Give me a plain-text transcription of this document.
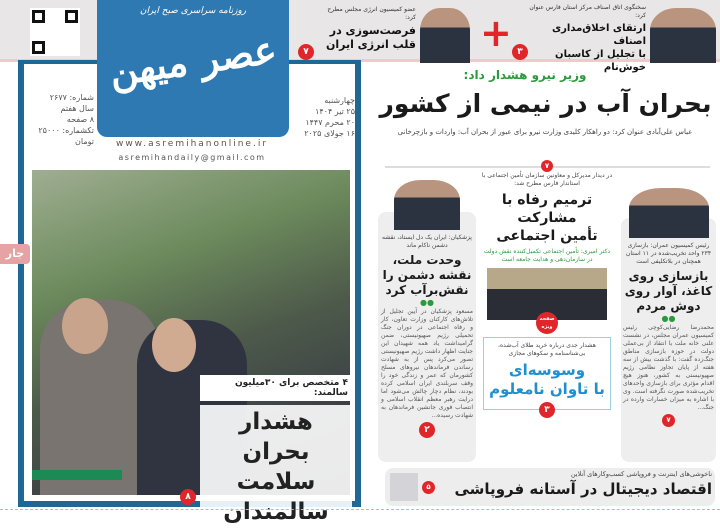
عضو کمیسیون انرژی مجلس مطرح کرد:
فرصت‌سوزی در قلب انرژی ایران
۷	+
سخنگوی اتاق اصناف مرکز استان فارس عنوان کرد:
ارتقای اخلاق‌مداری اصناف
با تجلیل از کاسبان خوش‌نام
۳
روزنامه سراسری صبح ایران
عصر میهن
چهارشنبه
۲۵ تیر ۱۴۰۴
۲۰ محرم ۱۴۴۷
۱۶ جولای ۲۰۲۵
شماره: ۲۶۷۷
سال هفتم
۸ صفحه
تکشماره: ۲۵۰۰۰ تومان	www.asremihanonline.ir
asremihandaily@gmail.com
۴ متخصص برای ۳۰میلیون سالمند:
هشدار بحران
سلامت
سالمندان
۸
جار
وزیر نیرو هشدار داد:
بحران آب در نیمی از کشور
عباس علی‌آبادی عنوان کرد: دو راهکار کلیدی وزارت نیرو برای عبور از بحران آب: واردات و بازچرخانی
۷
پزشکیان: ایران یک دل ایستاد، نقشه دشمن ناکام ماند
وحدت ملت،
نقشه دشمن را
نقش‌برآب کرد
●●
مسعود پزشکیان در آیین تجلیل از تلاش‌های کارکنان وزارت تعاون، کار و رفاه اجتماعی در دوران جنگ تحمیلی رژیم صهیونیستی، ضمن گرامیداشت یاد همه شهیدان این جنایت اظهار داشت رژیم صهیونیستی تصور می‌کرد پس از به شهادت رساندن فرماندهان نیروهای مسلح کشورمان که عمر و زندگی خود را وقف سربلندی ایران اسلامی کرده بودند، نظام دچار چالش می‌شود اما درایت رهبر معظم انقلاب اسلامی و انتصاب فوری جانشین فرماندهان به شهادت رسیده...
۲
در دیدار مدیرکل و معاونین سازمان تأمین اجتماعی با استاندار فارس مطرح شد:
ترمیم رفاه با مشارکت
تأمین اجتماعی
دکتر امیری: تأمین اجتماعی تکمیل‌کننده نقش دولت در سازمان‌دهی و هدایت جامعه است
صفحه ویژه
هشدار جدی درباره خرید طلای آب‌شده، بی‌شناسنامه و سکوهای مجازی
وسوسه‌ای
با تاوان نامعلوم
۳
رئیس کمیسیون عمران: بازسازی ۲۳۴ واحد تخریب‌شده در ۱۱ استان همچنان در بلاتکلیفی است
بازسازی روی
کاغذ، آوار روی
دوش مردم
●●
محمدرضا رضایی‌کوچی رئیس کمیسیون عمران مجلس، در نشست علنی خانه ملت با انتقاد از بی‌عملی دولت در حوزه بازسازی مناطق جنگ‌زده گفت: با گذشت بیش از سه هفته از پایان تجاوز نظامی رژیم صهیونیستی به کشور، هنوز هیچ اقدام مؤثری برای بازسازی واحدهای تخریب‌شده صورت نگرفته است. وی با اشاره به میزان خسارات وارده در جنگ...
۷
۵
ناخوشی‌های اینترنت و فروپاشی کسب‌وکارهای آنلاین
اقتصاد دیجیتال در آستانه فروپاشی
